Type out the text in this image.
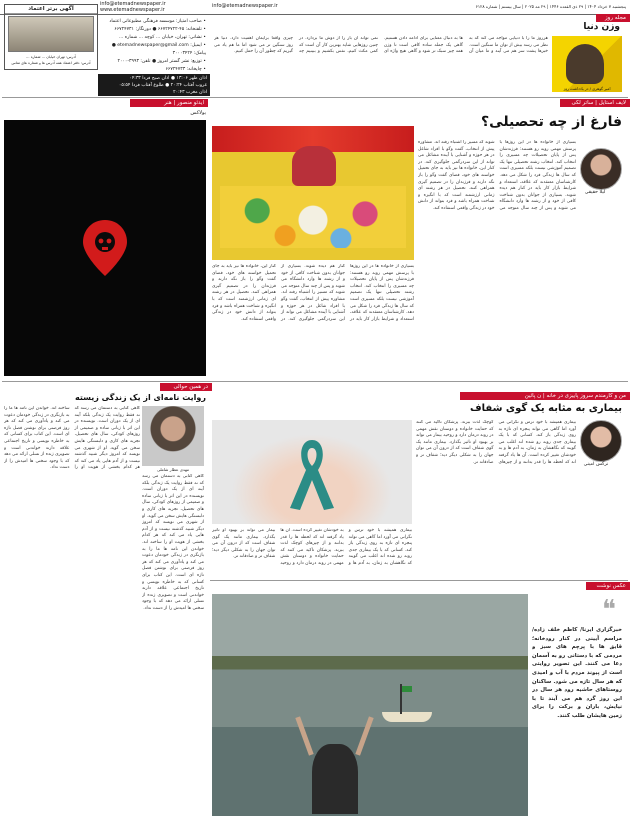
info@etemadnewspaper.ir
www.etemadnewspaper.ir
info@etemadnewspaper.ir	پنجشنبه ۷ خرداد ۱۴۰۴ | ۲۹ ذی القعده ۱۴۴۶ | ۲۹ مه ۲۰۲۵ | سال بیستم | شماره ۶۱۲۸
آگهی برتر اعتماد
آدرس: تهران خیابان ... شماره ...
آدرس: دفتر اعتماد همه آدرس ها و شماره های تماس
• صاحب امتیاز: موسسه فرهنگی مطبوعاتی اعتماد
• تلفنخانه: ۴۵-۶۶۷۲۴۷۲۲ ● دورنگار: ۶۶۷۲۴۷۳۱
• نشانی: تهران، خیابان ... کوچه ... شماره ...
• ایمیل: etemadnewspaper@gmail.com ● پیامک: ۳۰۰۰۳۴۲۴
• توزیع: نشر گستر امروز ● تلفن: ۳۹۹۳-۲۰۰۰
• چاپخانه: ۶۶۷۲۴۷۳۳
اذان ظهر ۱۳:۰۶ ● اذان صبح فردا ۰۴:۳۳
غروب آفتاب ۲۰:۲۴ ● طلوع آفتاب فردا ۰۵:۵۴
اذان مغرب ۲۰:۴۳
مجله روز
وزن دنیا
امیر گوهری / در یادداشت روز
هرروز ما را با دنیایی مواجه می کند که به نظر می رسد بیش از توان ما سنگین است. خبرها پشت سر هم می آیند و ما میان آن ها به دنبال معنایی برای ادامه دادن هستیم. گاهی یک جمله ساده کافی است تا وزن همه چیز سبک تر شود و گاهی هیچ واژه ای نمی تواند آن بار را از دوش ما بردارد. در چنین روزهایی شاید بهترین کار آن است که کمی مکث کنیم، نفس بکشیم و ببینیم چه چیزی واقعاً برایمان اهمیت دارد. دنیا هر روز سنگین تر می شود اما ما هم یاد می گیریم که چطور آن را حمل کنیم.
ایدئو منصور | هنر
یولاکس
لایف استایل | ساتر لکی
فارغ از چه تحصیلی؟
لیلا حقیقی
بسیاری از خانواده ها در این روزها با پرسش مهمی روبه رو هستند: فرزندشان پس از پایان تحصیلات چه مسیری را انتخاب کند. انتخاب رشته تحصیلی تنها یک تصمیم آموزشی نیست بلکه مسیری است که سال ها زندگی فرد را شکل می دهد. کارشناسان معتقدند که علاقه، استعداد و شرایط بازار کار باید در کنار هم دیده شوند. بسیاری از جوانان بدون شناخت کافی از خود و از رشته ها وارد دانشگاه می شوند و پس از چند سال متوجه می شوند که مسیر را اشتباه رفته اند. مشاوره پیش از انتخاب، گفت وگو با افراد شاغل در هر حوزه و آشنایی با آینده مشاغل می تواند از این سردرگمی جلوگیری کند. در کنار این، خانواده ها نیز باید به جای تحمیل خواسته های خود، فضای گفت وگو را باز نگه دارند و فرزندان را در تصمیم گیری همراهی کنند. تحصیل در هر رشته ای زمانی ارزشمند است که با انگیزه و شناخت همراه باشد و فرد بتواند از دانش خود در زندگی واقعی استفاده کند.
بسیاری از خانواده ها در این روزها با پرسش مهمی روبه رو هستند: فرزندشان پس از پایان تحصیلات چه مسیری را انتخاب کند. انتخاب رشته تحصیلی تنها یک تصمیم آموزشی نیست بلکه مسیری است که سال ها زندگی فرد را شکل می دهد. کارشناسان معتقدند که علاقه، استعداد و شرایط بازار کار باید در کنار هم دیده شوند. بسیاری از جوانان بدون شناخت کافی از خود و از رشته ها وارد دانشگاه می شوند و پس از چند سال متوجه می شوند که مسیر را اشتباه رفته اند. مشاوره پیش از انتخاب، گفت وگو با افراد شاغل در هر حوزه و آشنایی با آینده مشاغل می تواند از این سردرگمی جلوگیری کند. در کنار این، خانواده ها نیز باید به جای تحمیل خواسته های خود، فضای گفت وگو را باز نگه دارند و فرزندان را در تصمیم گیری همراهی کنند. تحصیل در هر رشته ای زمانی ارزشمند است که با انگیزه و شناخت همراه باشد و فرد بتواند از دانش خود در زندگی واقعی استفاده کند.
در همین حوالی
روایت نامه‌ای از یک زندگی زیسته
مهدی عطار شاملی
گاهی کتابی به دستمان می رسد که نه فقط روایت یک زندگی بلکه آینه ای از یک دوران است. نویسنده در این اثر با زبانی ساده و صمیمی از روزهای کودکی، سال های تحصیل، تجربه های کاری و دلبستگی هایش سخن می گوید. او از شهری می نویسد که امروز دیگر شبیه گذشته نیست و از آدم هایی یاد می کند که هر کدام بخشی از هویت او را ساخته اند. خواندن این نامه ها ما را به بازنگری در زندگی خودمان دعوت می کند و یادآوری می کند که هر روز فرصتی برای نوشتن فصل تازه ای است. این کتاب برای کسانی که به خاطره نویسی و تاریخ اجتماعی علاقه دارند خواندنی است و تصویری زنده از نسلی ارائه می دهد که با وجود سختی ها امیدش را از دست نداد.
گاهی کتابی به دستمان می رسد که نه فقط روایت یک زندگی بلکه آینه ای از یک دوران است. نویسنده در این اثر با زبانی ساده و صمیمی از روزهای کودکی، سال های تحصیل، تجربه های کاری و دلبستگی هایش سخن می گوید. او از شهری می نویسد که امروز دیگر شبیه گذشته نیست و از آدم هایی یاد می کند که هر کدام بخشی از هویت او را ساخته اند. خواندن این نامه ها ما را به بازنگری در زندگی خودمان دعوت می کند و یادآوری می کند که هر روز فرصتی برای نوشتن فصل تازه ای است. این کتاب برای کسانی که به خاطره نویسی و تاریخ اجتماعی علاقه دارند خواندنی است و تصویری زنده از نسلی ارائه می دهد که با وجود سختی ها امیدش را از دست نداد.
من و کارمندم سروز پاییزی در خانه | ن پائین
بیماری به مثابه یک گوی شفاف
نرگس امینی
بیماری همیشه با خود ترس و نگرانی می آورد اما گاهی می تواند پنجره ای تازه به روی زندگی باز کند. کسانی که با یک بیماری جدی روبه رو شده اند اغلب می گویند که نگاهشان به زمان، به آدم ها و به خودشان تغییر کرده است. آن ها یاد گرفته اند که لحظه ها را قدر بدانند و از چیزهای کوچک لذت ببرند. پزشکان تاکید می کنند که حمایت خانواده و دوستان نقش مهمی در روند درمان دارد و روحیه بیمار می تواند بر بهبود او تاثیر بگذارد. بیماری مانند یک گوی شفاف است که از درون آن می توان جهان را به شکلی دیگر دید؛ شفاف تر و صادقانه تر.
بیماری همیشه با خود ترس و نگرانی می آورد اما گاهی می تواند پنجره ای تازه به روی زندگی باز کند. کسانی که با یک بیماری جدی روبه رو شده اند اغلب می گویند که نگاهشان به زمان، به آدم ها و به خودشان تغییر کرده است. آن ها یاد گرفته اند که لحظه ها را قدر بدانند و از چیزهای کوچک لذت ببرند. پزشکان تاکید می کنند که حمایت خانواده و دوستان نقش مهمی در روند درمان دارد و روحیه بیمار می تواند بر بهبود او تاثیر بگذارد. بیماری مانند یک گوی شفاف است که از درون آن می توان جهان را به شکلی دیگر دید؛ شفاف تر و صادقانه تر.
عکس نوشت
❝
خبرگزاری ایرنا/ کاظم خلف زاده/ مراسم آیینی در کنار رودخانه؛ قایق ها با پرچم های سبز و مردمی که با دستانی رو به آسمان دعا می کنند. این تصویر روایتی است از پیوند مردم با آب و امیدی که هر سال تازه می شود. ساکنان روستاهای حاشیه رود هر سال در این روز گرد هم می آیند تا با نیایش، باران و برکت را برای زمین هایشان طلب کنند.
